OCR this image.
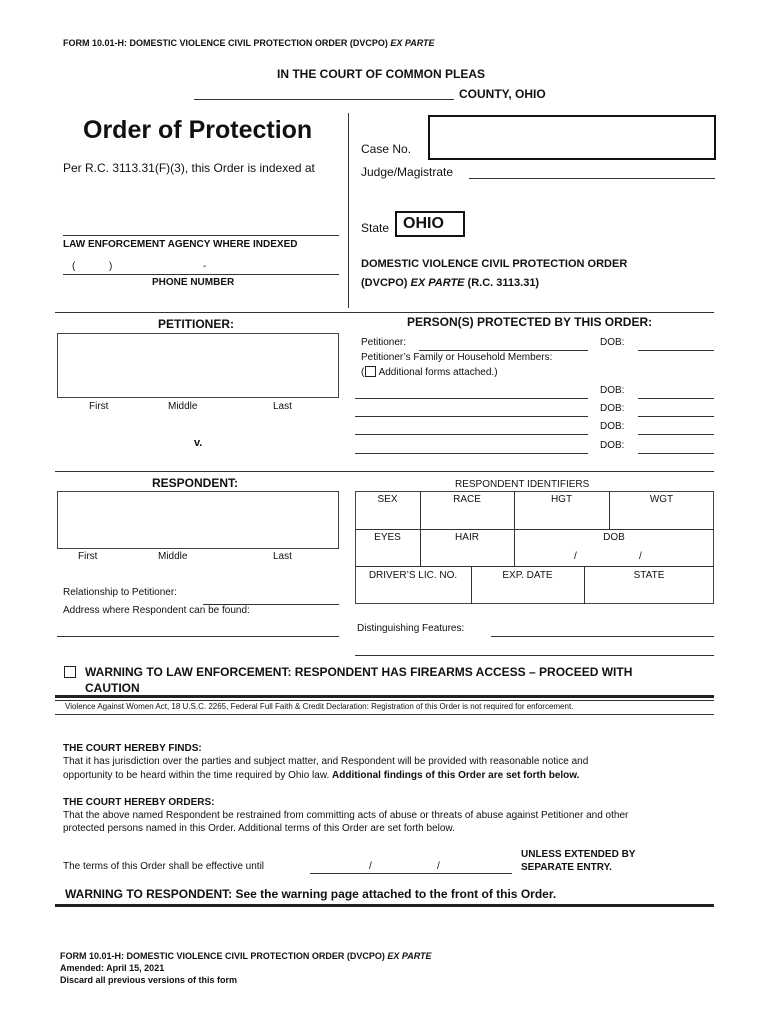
FORM 10.01-H: DOMESTIC VIOLENCE CIVIL PROTECTION ORDER (DVCPO) EX PARTE
IN THE COURT OF COMMON PLEAS
COUNTY, OHIO
Order of Protection
Per R.C. 3113.31(F)(3), this Order is indexed at
LAW ENFORCEMENT AGENCY WHERE INDEXED
(	)	-
PHONE NUMBER
Case No.
Judge/Magistrate
State OHIO
DOMESTIC VIOLENCE CIVIL PROTECTION ORDER
(DVCPO) EX PARTE (R.C. 3113.31)
PETITIONER:
First	Middle	Last
v.
PERSON(S) PROTECTED BY THIS ORDER:
Petitioner:	DOB:
Petitioner’s Family or Household Members:
( Additional forms attached.)
DOB:
DOB:
DOB:
DOB:
RESPONDENT:
First	Middle	Last
Relationship to Petitioner:
Address where Respondent can be found:
RESPONDENT IDENTIFIERS
SEX	RACE	HGT	WGT
EYES	HAIR	DOB
/	/
DRIVER’S LIC. NO.	EXP. DATE	STATE
Distinguishing Features:
WARNING TO LAW ENFORCEMENT: RESPONDENT HAS FIREARMS ACCESS – PROCEED WITH
CAUTION
Violence Against Women Act, 18 U.S.C. 2265, Federal Full Faith & Credit Declaration: Registration of this Order is not required for enforcement.
THE COURT HEREBY FINDS:
That it has jurisdiction over the parties and subject matter, and Respondent will be provided with reasonable notice and
opportunity to be heard within the time required by Ohio law. Additional findings of this Order are set forth below.
THE COURT HEREBY ORDERS:
That the above named Respondent be restrained from committing acts of abuse or threats of abuse against Petitioner and other
protected persons named in this Order. Additional terms of this Order are set forth below.
The terms of this Order shall be effective until	/	/
UNLESS EXTENDED BY
SEPARATE ENTRY.
WARNING TO RESPONDENT: See the warning page attached to the front of this Order.
FORM 10.01-H: DOMESTIC VIOLENCE CIVIL PROTECTION ORDER (DVCPO) EX PARTE
Amended: April 15, 2021
Discard all previous versions of this form
